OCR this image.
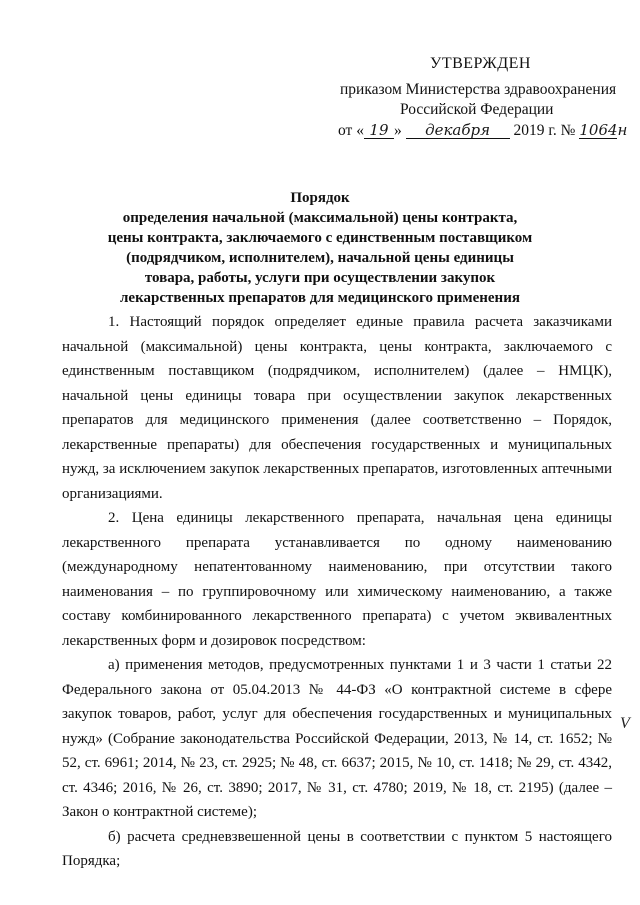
УТВЕРЖДЕН
приказом Министерства здравоохранения
Российской Федерации
от « 19 » декабря 2019 г. № 1064н
Порядок
определения начальной (максимальной) цены контракта,
цены контракта, заключаемого с единственным поставщиком
(подрядчиком, исполнителем), начальной цены единицы
товара, работы, услуги при осуществлении закупок
лекарственных препаратов для медицинского применения

1. Настоящий порядок определяет единые правила расчета заказчиками начальной (максимальной) цены контракта, цены контракта, заключаемого с единственным поставщиком (подрядчиком, исполнителем) (далее – НМЦК), начальной цены единицы товара при осуществлении закупок лекарственных препаратов для медицинского применения (далее соответственно – Порядок, лекарственные препараты) для обеспечения государственных и муниципальных нужд, за исключением закупок лекарственных препаратов, изготовленных аптечными организациями.

2. Цена единицы лекарственного препарата, начальная цена единицы лекарственного препарата устанавливается по одному наименованию (международному непатентованному наименованию, при отсутствии такого наименования – по группировочному или химическому наименованию, а также составу комбинированного лекарственного препарата) с учетом эквивалентных лекарственных форм и дозировок посредством:

а) применения методов, предусмотренных пунктами 1 и 3 части 1 статьи 22 Федерального закона от 05.04.2013 № 44-ФЗ «О контрактной системе в сфере закупок товаров, работ, услуг для обеспечения государственных и муниципальных нужд» (Собрание законодательства Российской Федерации, 2013, № 14, ст. 1652; № 52, ст. 6961; 2014, № 23, ст. 2925; № 48, ст. 6637; 2015, № 10, ст. 1418; № 29, ст. 4342, ст. 4346; 2016, № 26, ст. 3890; 2017, № 31, ст. 4780; 2019, № 18, ст. 2195) (далее – Закон о контрактной системе);

б) расчета средневзвешенной цены в соответствии с пунктом 5 настоящего Порядка;

V
